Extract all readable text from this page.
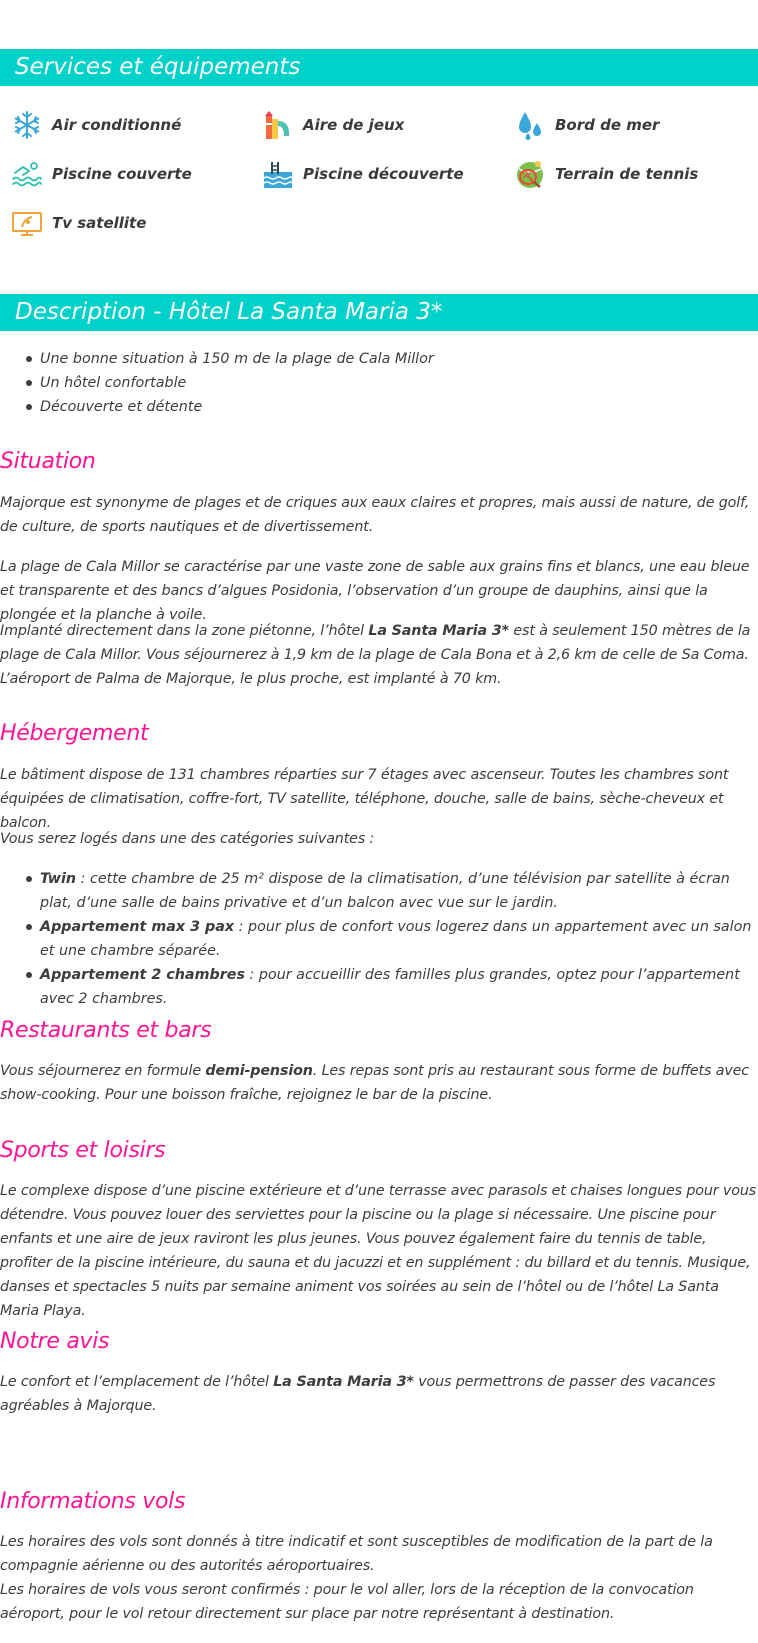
Services et équipements
Air conditionné	Aire de jeux	Bord de mer
Piscine couverte	Piscine découverte	Terrain de tennis
Tv satellite
Description - Hôtel La Santa Maria 3*
Une bonne situation à 150 m de la plage de Cala Millor
Un hôtel confortable
Découverte et détente
Situation

Majorque est synonyme de plages et de criques aux eaux claires et propres, mais aussi de nature, de golf, de culture, de sports nautiques et de divertissement.

La plage de Cala Millor se caractérise par une vaste zone de sable aux grains fins et blancs, une eau bleue et transparente et des bancs d’algues Posidonia, l’observation d’un groupe de dauphins, ainsi que la plongée et la planche à voile.

Implanté directement dans la zone piétonne, l’hôtel La Santa Maria 3* est à seulement 150 mètres de la plage de Cala Millor. Vous séjournerez à 1,9 km de la plage de Cala Bona et à 2,6 km de celle de Sa Coma. L’aéroport de Palma de Majorque, le plus proche, est implanté à 70 km.

Hébergement

Le bâtiment dispose de 131 chambres réparties sur 7 étages avec ascenseur. Toutes les chambres sont équipées de climatisation, coffre-fort, TV satellite, téléphone, douche, salle de bains, sèche-cheveux et balcon.

Vous serez logés dans une des catégories suivantes :

Twin : cette chambre de 25 m² dispose de la climatisation, d’une télévision par satellite à écran plat, d’une salle de bains privative et d’un balcon avec vue sur le jardin.
Appartement max 3 pax : pour plus de confort vous logerez dans un appartement avec un salon et une chambre séparée.
Appartement 2 chambres : pour accueillir des familles plus grandes, optez pour l’appartement avec 2 chambres.
Restaurants et bars

Vous séjournerez en formule demi-pension. Les repas sont pris au restaurant sous forme de buffets avec show-cooking. Pour une boisson fraîche, rejoignez le bar de la piscine.

Sports et loisirs

Le complexe dispose d’une piscine extérieure et d’une terrasse avec parasols et chaises longues pour vous détendre. Vous pouvez louer des serviettes pour la piscine ou la plage si nécessaire. Une piscine pour enfants et une aire de jeux raviront les plus jeunes. Vous pouvez également faire du tennis de table, profiter de la piscine intérieure, du sauna et du jacuzzi et en supplément : du billard et du tennis. Musique, danses et spectacles 5 nuits par semaine animent vos soirées au sein de l’hôtel ou de l’hôtel La Santa Maria Playa.

Notre avis

Le confort et l’emplacement de l’hôtel La Santa Maria 3* vous permettrons de passer des vacances agréables à Majorque.

Informations vols

Les horaires des vols sont donnés à titre indicatif et sont susceptibles de modification de la part de la compagnie aérienne ou des autorités aéroportuaires.
Les horaires de vols vous seront confirmés : pour le vol aller, lors de la réception de la convocation aéroport, pour le vol retour directement sur place par notre représentant à destination.
